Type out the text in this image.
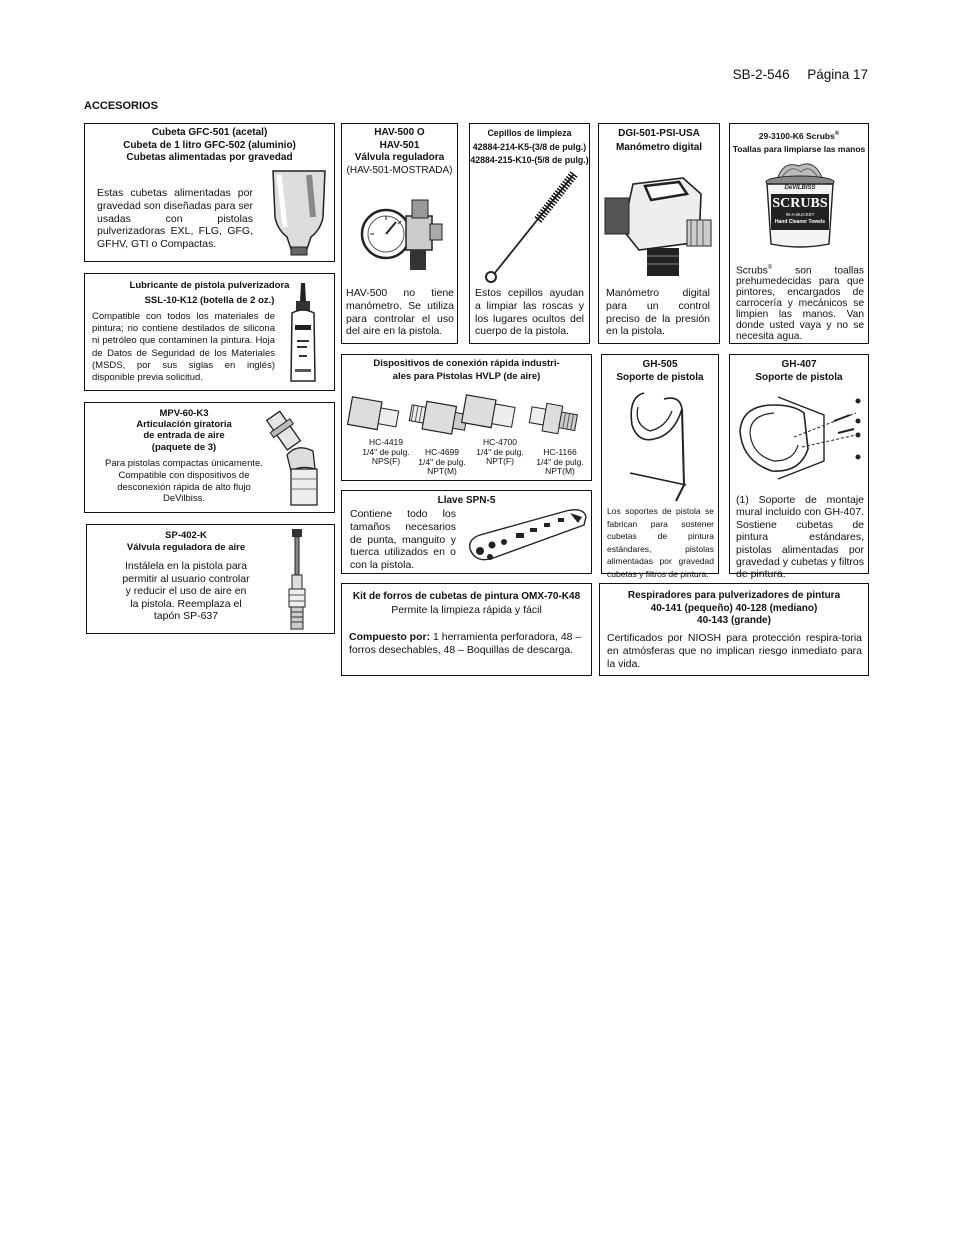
SB-2-546 Página 17
ACCESORIOS
Cubeta GFC-501 (acetal)
Cubeta de 1 litro GFC-502 (aluminio)
Cubetas alimentadas por gravedad
Estas cubetas alimentadas por gravedad son diseñadas para ser usadas con pistolas pulverizadoras EXL, FLG, GFG, GFHV, GTI o Compactas.
Lubricante de pistola pulverizadora
SSL-10-K12 (botella de 2 oz.)
Compatible con todos los materiales de pintura; no contiene destilados de silicona ni petróleo que contaminen la pintura. Hoja de Datos de Seguridad de los Materiales (MSDS, por sus siglas en inglés) disponible previa solicitud.
MPV-60-K3
Articulación giratoria
de entrada de aire
(paquete de 3)
Para pistolas compactas únicamente.
Compatible con dispositivos de
desconexión rápida de alto flujo
DeVilbiss.
SP-402-K
Válvula reguladora de aire
Instálela en la pistola para
permitir al usuario controlar
y reducir el uso de aire en
la pistola. Reemplaza el
tapón SP-637
HAV-500 O
HAV-501
Válvula reguladora
(HAV-501-MOSTRADA)
HAV-500 no tiene manómetro. Se utiliza para controlar el uso del aire en la pistola.
Cepillos de limpieza
42884-214-K5-(3/8 de pulg.)
42884-215-K10-(5/8 de pulg.)
Estos cepillos ayudan a limpiar las roscas y los lugares ocultos del cuerpo de la pistola.
DGI-501-PSI-USA
Manómetro digital
Manómetro digital para un control preciso de la presión en la pistola.
29-3100-K6 Scrubs®
Toallas para limpiarse las manos
DeVILBISS
SCRUBS
IN-A-BUCKET
Hand Cleaner Towels
Scrubs® son toallas prehumedecidas para que pintores, encargados de carrocería y mecánicos se limpien las manos. Van donde usted vaya y no se necesita agua.
Dispositivos de conexión rápida industri-
ales para Pistolas HVLP (de aire)
HC-4419
1/4" de pulg.
NPS(F)
HC-4699
1/4" de pulg.
NPT(M)
HC-4700
1/4" de pulg.
NPT(F)
HC-1166
1/4" de pulg.
NPT(M)
Llave SPN-5
Contiene todo los tamaños necesarios de punta, manguito y tuerca utilizados en o con la pistola.
Kit de forros de cubetas de pintura OMX-70-K48
Permite la limpieza rápida y fácil
Compuesto por: 1 herramienta perforadora, 48 – forros desechables, 48 – Boquillas de descarga.
GH-505
Soporte de pistola
Los soportes de pistola se fabrican para sostener cubetas de pintura estándares, pistolas alimentadas por gravedad cubetas y filtros de pintura.
GH-407
Soporte de pistola
(1) Soporte de montaje mural incluido con GH-407. Sostiene cubetas de pintura estándares, pistolas alimentadas por gravedad y cubetas y filtros de pintura.
Respiradores para pulverizadores de pintura
40-141 (pequeño) 40-128 (mediano)
40-143 (grande)
Certificados por NIOSH para protección respira-toria en atmósferas que no implican riesgo inmediato para la vida.
